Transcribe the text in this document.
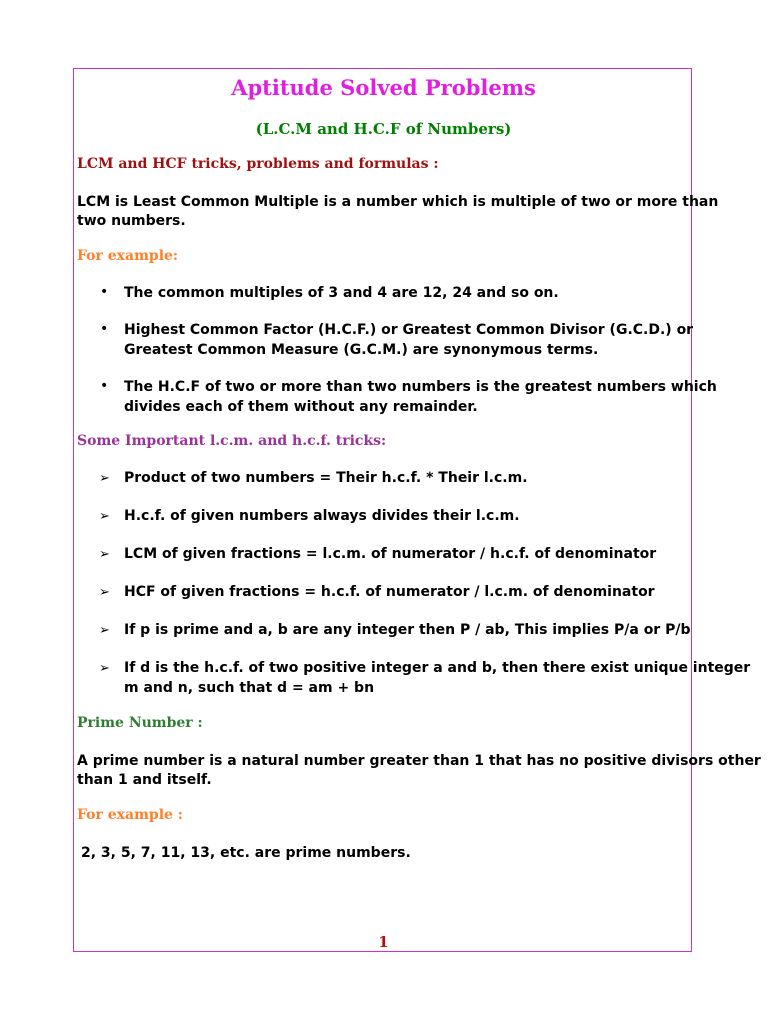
Aptitude Solved Problems
(L.C.M and H.C.F of Numbers)
LCM and HCF tricks, problems and formulas :
LCM is Least Common Multiple is a number which is multiple of two or more than
two numbers.
For example:
• The common multiples of 3 and 4 are 12, 24 and so on.
• Highest Common Factor (H.C.F.) or Greatest Common Divisor (G.C.D.) or
Greatest Common Measure (G.C.M.) are synonymous terms.
• The H.C.F of two or more than two numbers is the greatest numbers which
divides each of them without any remainder.
Some Important l.c.m. and h.c.f. tricks:
➢ Product of two numbers = Their h.c.f. * Their l.c.m.
➢ H.c.f. of given numbers always divides their l.c.m.
➢ LCM of given fractions = l.c.m. of numerator / h.c.f. of denominator
➢ HCF of given fractions = h.c.f. of numerator / l.c.m. of denominator
➢ If p is prime and a, b are any integer then P / ab, This implies P/a or P/b
➢ If d is the h.c.f. of two positive integer a and b, then there exist unique integer
m and n, such that d = am + bn
Prime Number :
A prime number is a natural number greater than 1 that has no positive divisors other
than 1 and itself.
For example :
2, 3, 5, 7, 11, 13, etc. are prime numbers.
1
